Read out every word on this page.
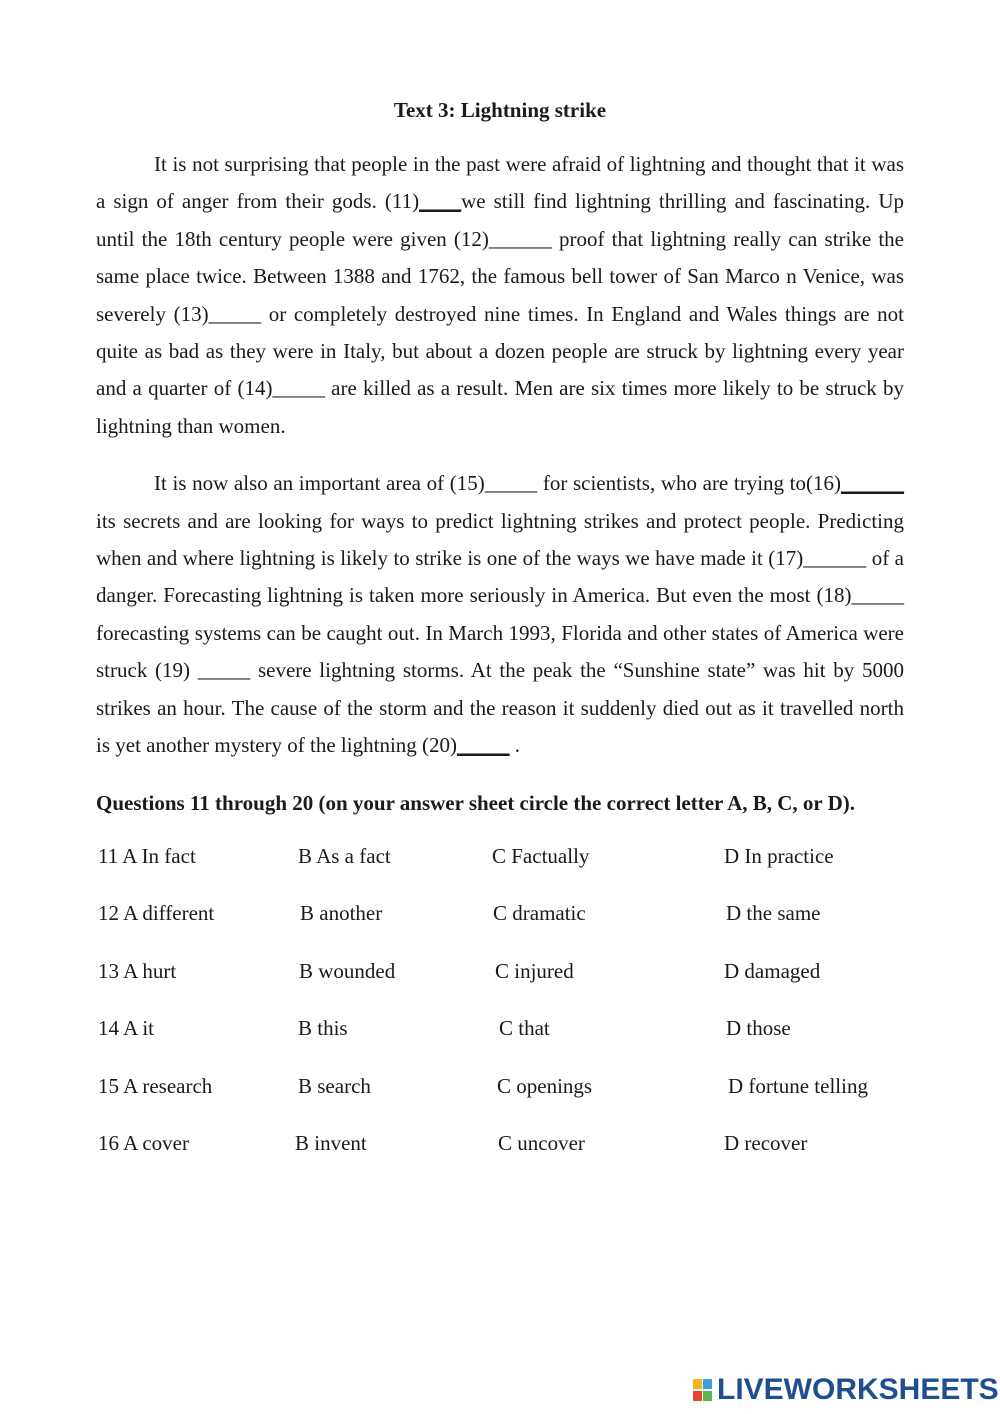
Text 3: Lightning strike

It is not surprising that people in the past were afraid of lightning and thought that it was a sign of anger from their gods. (11)____we still find lightning thrilling and fascinating. Up until the 18th century people were given (12)______ proof that lightning really can strike the same place twice. Between 1388 and 1762, the famous bell tower of San Marco n Venice, was severely (13)_____ or completely destroyed nine times. In England and Wales things are not quite as bad as they were in Italy, but about a dozen people are struck by lightning every year and a quarter of (14)_____ are killed as a result. Men are six times more likely to be struck by lightning than women.

It is now also an important area of (15)_____ for scientists, who are trying to(16)______ its secrets and are looking for ways to predict lightning strikes and protect people. Predicting when and where lightning is likely to strike is one of the ways we have made it (17)______ of a danger. Forecasting lightning is taken more seriously in America. But even the most (18)_____ forecasting systems can be caught out. In March 1993, Florida and other states of America were struck (19) _____ severe lightning storms. At the peak the “Sunshine state” was hit by 5000 strikes an hour. The cause of the storm and the reason it suddenly died out as it travelled north is yet another mystery of the lightning (20)_____ .

Questions 11 through 20 (on your answer sheet circle the correct letter A, B, C, or D).
11 A In fact	B As a fact	C Factually	D In practice
12 A different	B another	C dramatic	D the same
13 A hurt	B wounded	C injured	D damaged
14 A it	B this	C that	D those
15 A research	B search	C openings	D fortune telling
16 A cover	B invent	C uncover	D recover
LIVEWORKSHEETS
